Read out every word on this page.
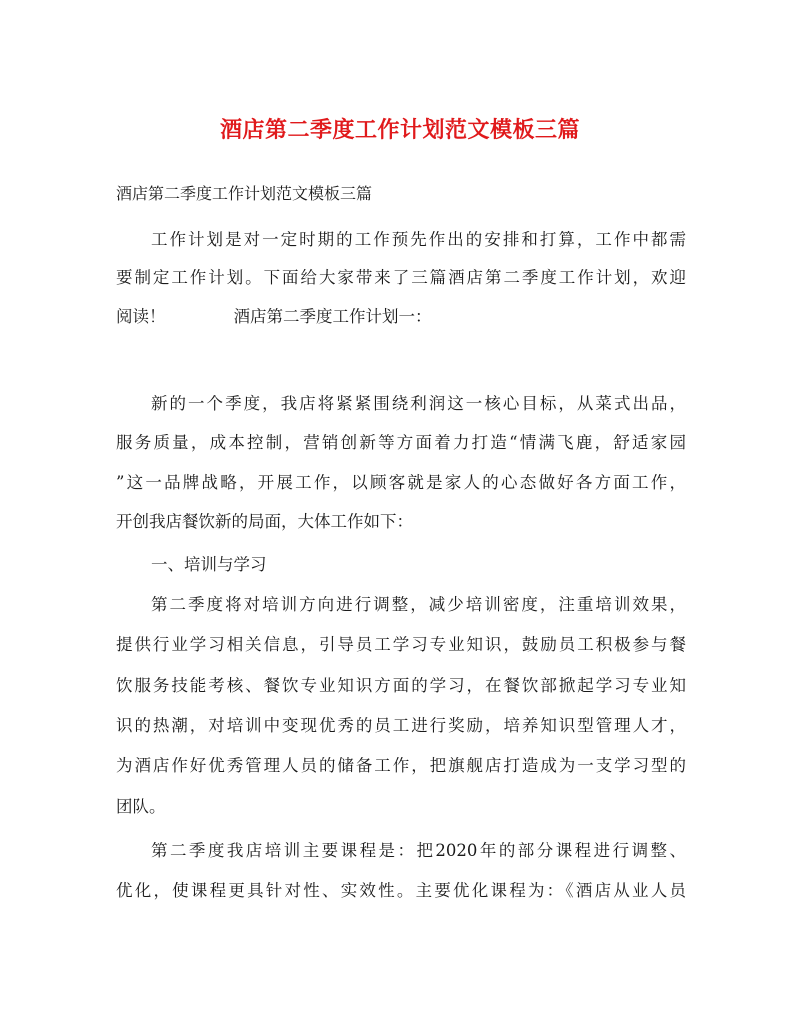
酒店第二季度工作计划范文模板三篇
酒店第二季度工作计划范文模板三篇
工作计划是对一定时期的工作预先作出的安排和打算，工作中都需
要制定工作计划。下面给大家带来了三篇酒店第二季度工作计划，欢迎
阅读！	酒店第二季度工作计划一：
新的一个季度，我店将紧紧围绕利润这一核心目标，从菜式出品，
服务质量，成本控制，营销创新等方面着力打造“情满飞鹿，舒适家园
”这一品牌战略，开展工作，以顾客就是家人的心态做好各方面工作，
开创我店餐饮新的局面，大体工作如下：
一、培训与学习
第二季度将对培训方向进行调整，减少培训密度，注重培训效果，
提供行业学习相关信息，引导员工学习专业知识，鼓励员工积极参与餐
饮服务技能考核、餐饮专业知识方面的学习，在餐饮部掀起学习专业知
识的热潮，对培训中变现优秀的员工进行奖励，培养知识型管理人才，
为酒店作好优秀管理人员的储备工作，把旗舰店打造成为一支学习型的
团队。
第二季度我店培训主要课程是：把2020年的部分课程进行调整、
优化，使课程更具针对性、实效性。主要优化课程为：《酒店从业人员
